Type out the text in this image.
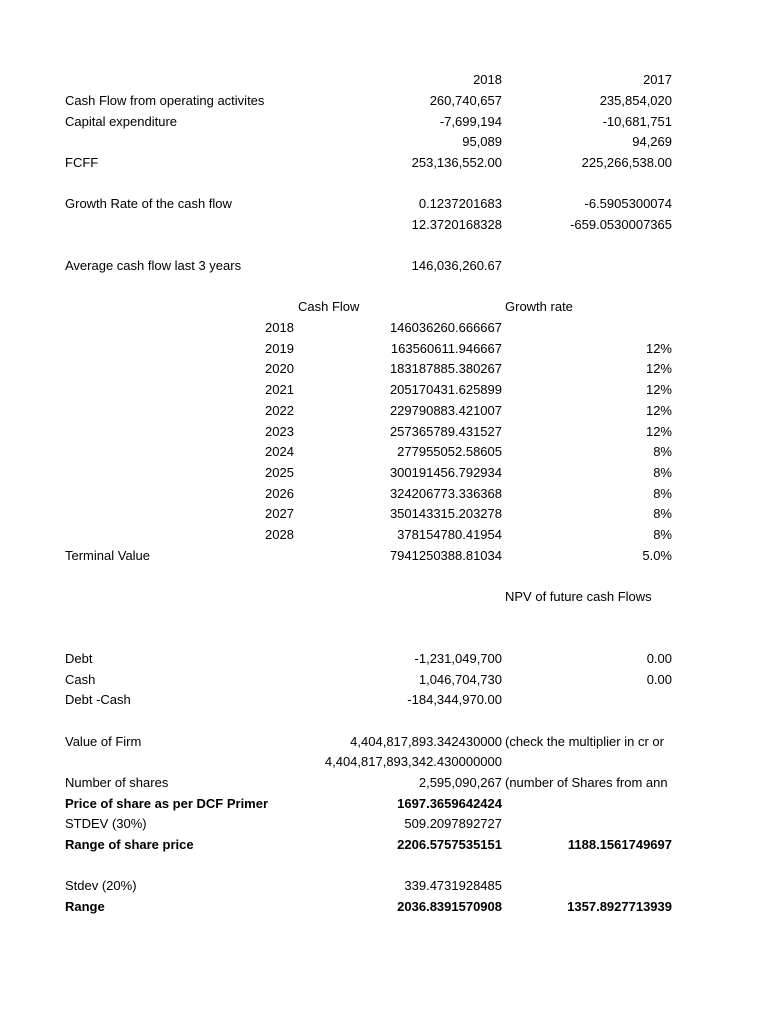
2018	2017
Cash Flow from operating activites	260,740,657	235,854,020
Capital expenditure	-7,699,194	-10,681,751
95,089	94,269
FCFF	253,136,552.00	225,266,538.00
Growth Rate of the cash flow	0.1237201683	-6.5905300074
12.3720168328	-659.0530007365
Average cash flow last 3 years	146,036,260.67
Cash Flow	Growth rate
2018	146036260.666667
2019	163560611.946667	12%
2020	183187885.380267	12%
2021	205170431.625899	12%
2022	229790883.421007	12%
2023	257365789.431527	12%
2024	277955052.58605	8%
2025	300191456.792934	8%
2026	324206773.336368	8%
2027	350143315.203278	8%
2028	378154780.41954	8%
Terminal Value	7941250388.81034	5.0%
NPV of future cash Flows
Debt	-1,231,049,700	0.00
Cash	1,046,704,730	0.00
Debt -Cash	-184,344,970.00
Value of Firm	4,404,817,893.342430000 (check the multiplier in cr or
4,404,817,893,342.430000000
Number of shares	2,595,090,267 (number of Shares from ann
Price of share as per DCF Primer	1697.3659642424
STDEV (30%)	509.2097892727
Range of share price	2206.5757535151	1188.1561749697
Stdev (20%)	339.4731928485
Range	2036.8391570908	1357.8927713939
